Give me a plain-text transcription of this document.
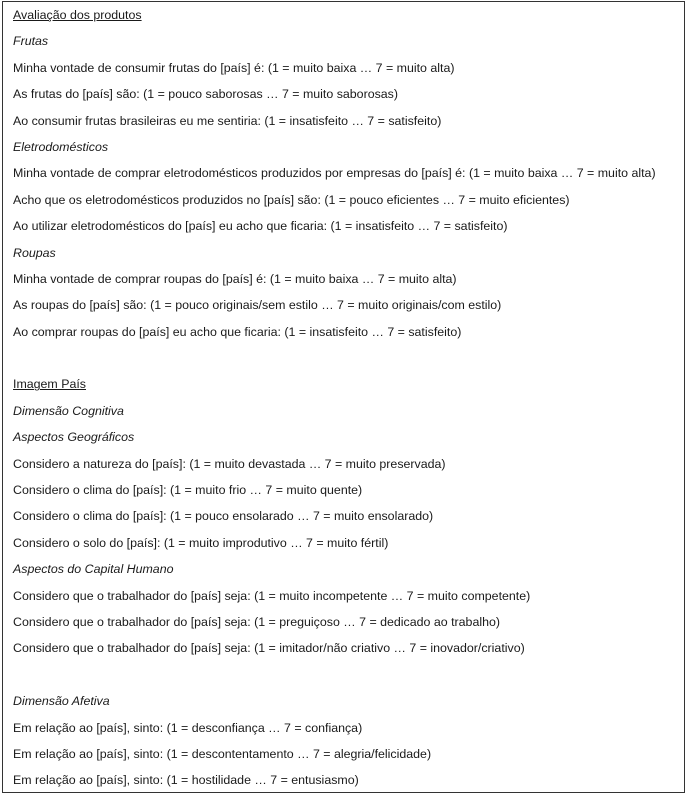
Avaliação dos produtos
Frutas
Minha vontade de consumir frutas do [país] é: (1 = muito baixa … 7 = muito alta)
As frutas do [país] são: (1 = pouco saborosas … 7 = muito saborosas)
Ao consumir frutas brasileiras eu me sentiria: (1 = insatisfeito … 7 = satisfeito)
Eletrodomésticos
Minha vontade de comprar eletrodomésticos produzidos por empresas do [país] é: (1 = muito baixa … 7 = muito alta)
Acho que os eletrodomésticos produzidos no [país] são: (1 = pouco eficientes … 7 = muito eficientes)
Ao utilizar eletrodomésticos do [país] eu acho que ficaria: (1 = insatisfeito … 7 = satisfeito)
Roupas
Minha vontade de comprar roupas do [país] é: (1 = muito baixa … 7 = muito alta)
As roupas do [país] são: (1 = pouco originais/sem estilo … 7 = muito originais/com estilo)
Ao comprar roupas do [país] eu acho que ficaria: (1 = insatisfeito … 7 = satisfeito)
Imagem País
Dimensão Cognitiva
Aspectos Geográficos
Considero a natureza do [país]: (1 = muito devastada … 7 = muito preservada)
Considero o clima do [país]: (1 = muito frio … 7 = muito quente)
Considero o clima do [país]: (1 = pouco ensolarado … 7 = muito ensolarado)
Considero o solo do [país]: (1 = muito improdutivo … 7 = muito fértil)
Aspectos do Capital Humano
Considero que o trabalhador do [país] seja: (1 = muito incompetente … 7 = muito competente)
Considero que o trabalhador do [país] seja: (1 = preguiçoso … 7 = dedicado ao trabalho)
Considero que o trabalhador do [país] seja: (1 = imitador/não criativo … 7 = inovador/criativo)
Dimensão Afetiva
Em relação ao [país], sinto: (1 = desconfiança … 7 = confiança)
Em relação ao [país], sinto: (1 = descontentamento … 7 = alegria/felicidade)
Em relação ao [país], sinto: (1 = hostilidade … 7 = entusiasmo)
